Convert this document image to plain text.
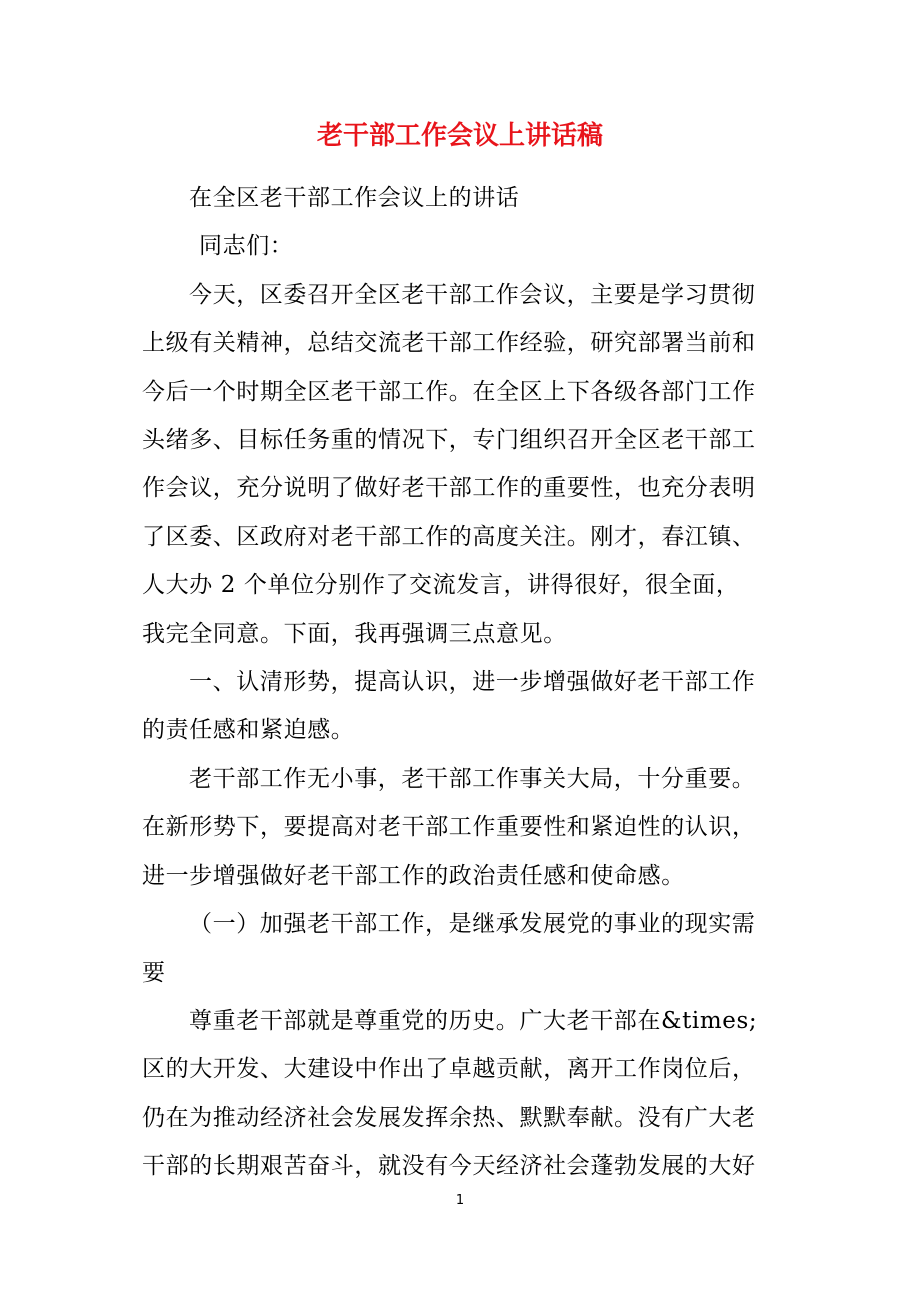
老干部工作会议上讲话稿

在全区老干部工作会议上的讲话

同志们：

今天，区委召开全区老干部工作会议，主要是学习贯彻

上级有关精神，总结交流老干部工作经验，研究部署当前和

今后一个时期全区老干部工作。在全区上下各级各部门工作

头绪多、目标任务重的情况下，专门组织召开全区老干部工

作会议，充分说明了做好老干部工作的重要性，也充分表明

了区委、区政府对老干部工作的高度关注。刚才，春江镇、

人大办 2 个单位分别作了交流发言，讲得很好，很全面，

我完全同意。下面，我再强调三点意见。

一、认清形势，提高认识，进一步增强做好老干部工作

的责任感和紧迫感。

老干部工作无小事，老干部工作事关大局，十分重要。

在新形势下，要提高对老干部工作重要性和紧迫性的认识，

进一步增强做好老干部工作的政治责任感和使命感。

（一）加强老干部工作，是继承发展党的事业的现实需

要

尊重老干部就是尊重党的历史。广大老干部在&times;

区的大开发、大建设中作出了卓越贡献，离开工作岗位后，

仍在为推动经济社会发展发挥余热、默默奉献。没有广大老

干部的长期艰苦奋斗，就没有今天经济社会蓬勃发展的大好

1
